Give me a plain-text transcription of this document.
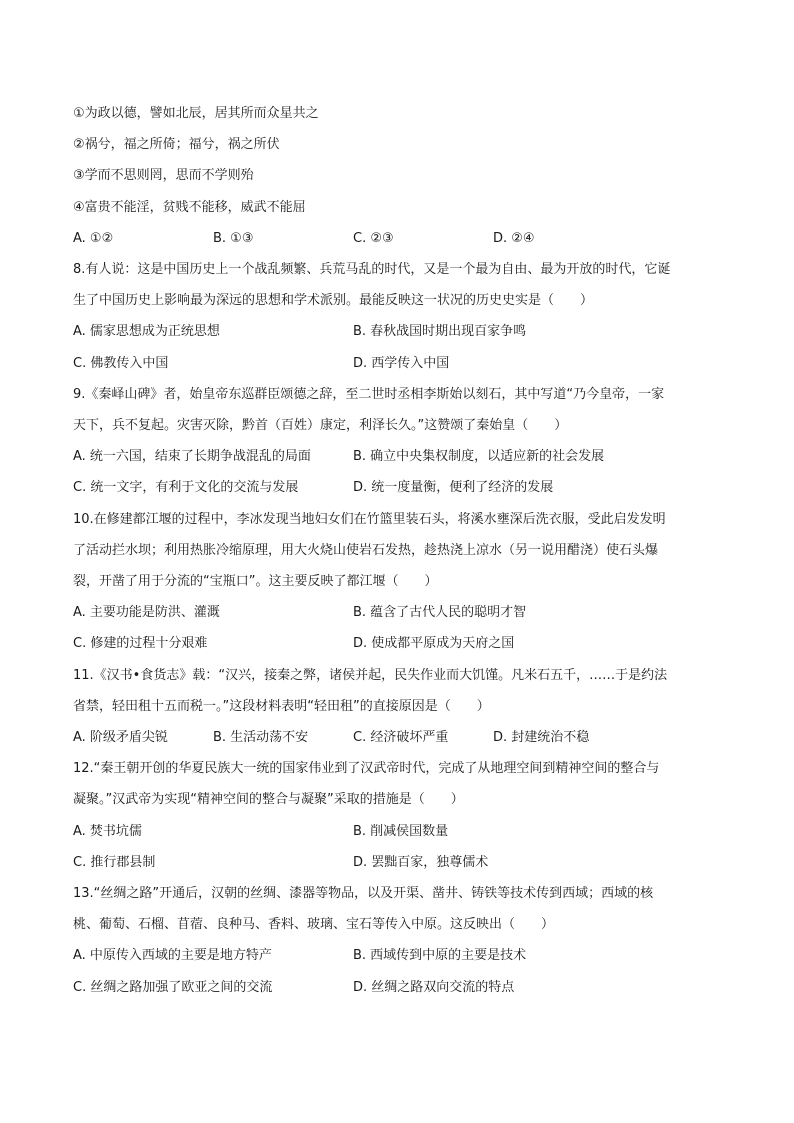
①为政以德，譬如北辰，居其所而众星共之
②祸兮，福之所倚；福兮，祸之所伏
③学而不思则罔，思而不学则殆
④富贵不能淫，贫贱不能移，威武不能屈
A. ①②	B. ①③	C. ②③	D. ②④
8.有人说：这是中国历史上一个战乱频繁、兵荒马乱的时代，又是一个最为自由、最为开放的时代，它诞
生了中国历史上影响最为深远的思想和学术派别。最能反映这一状况的历史史实是（　　）
A. 儒家思想成为正统思想	B. 春秋战国时期出现百家争鸣
C. 佛教传入中国	D. 西学传入中国
9.《秦峄山碑》者，始皇帝东巡群臣颂德之辞，至二世时丞相李斯始以刻石，其中写道“乃今皇帝，一家
天下，兵不复起。灾害灭除，黔首（百姓）康定，利泽长久。”这赞颂了秦始皇（　　）
A. 统一六国，结束了长期争战混乱的局面	B. 确立中央集权制度，以适应新的社会发展
C. 统一文字，有利于文化的交流与发展	D. 统一度量衡，便利了经济的发展
10.在修建都江堰的过程中，李冰发现当地妇女们在竹篮里装石头，将溪水壅深后洗衣服，受此启发发明
了活动拦水坝；利用热胀冷缩原理，用大火烧山使岩石发热，趁热浇上凉水（另一说用醋浇）使石头爆
裂，开凿了用于分流的“宝瓶口”。这主要反映了都江堰（　　）
A. 主要功能是防洪、灌溉	B. 蕴含了古代人民的聪明才智
C. 修建的过程十分艰难	D. 使成都平原成为天府之国
11.《汉书•食货志》载：“汉兴，接秦之弊，诸侯并起，民失作业而大饥馑。凡米石五千，……于是约法
省禁，轻田租十五而税一。”这段材料表明“轻田租”的直接原因是（　　）
A. 阶级矛盾尖锐	B. 生活动荡不安	C. 经济破坏严重	D. 封建统治不稳
12.“秦王朝开创的华夏民族大一统的国家伟业到了汉武帝时代，完成了从地理空间到精神空间的整合与
凝聚。”汉武帝为实现“精神空间的整合与凝聚”采取的措施是（　　）
A. 焚书坑儒	B. 削减侯国数量
C. 推行郡县制	D. 罢黜百家，独尊儒术
13.“丝绸之路”开通后，汉朝的丝绸、漆器等物品，以及开渠、凿井、铸铁等技术传到西域；西域的核
桃、葡萄、石榴、苜蓿、良种马、香料、玻璃、宝石等传入中原。这反映出（　　）
A. 中原传入西域的主要是地方特产	B. 西域传到中原的主要是技术
C. 丝绸之路加强了欧亚之间的交流	D. 丝绸之路双向交流的特点
